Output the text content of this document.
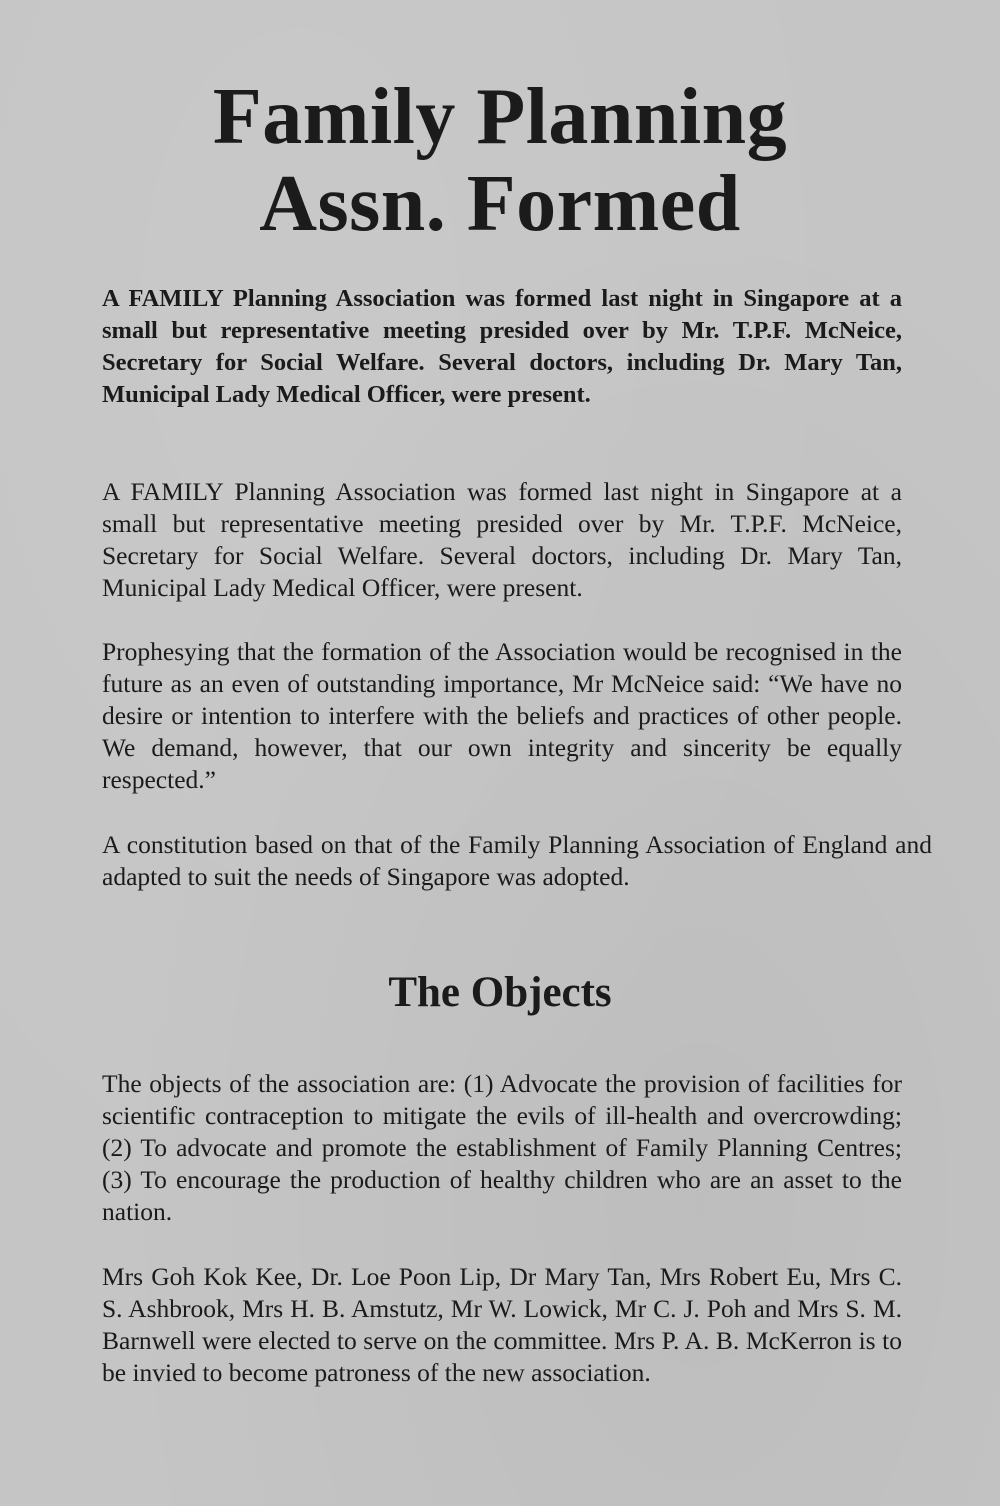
Family Planning
Assn. Formed

A FAMILY Planning Association was formed last night in Singapore at a small but representative meeting presided over by Mr. T.P.F. McNeice, Secretary for Social Welfare. Several doctors, including Dr. Mary Tan, Municipal Lady Medical Officer, were present.

A FAMILY Planning Association was formed last night in Singapore at a small but representative meeting presided over by Mr. T.P.F. McNeice, Secretary for Social Welfare. Several doctors, including Dr. Mary Tan, Municipal Lady Medical Officer, were present.

Prophesying that the formation of the Association would be recognised in the future as an even of outstanding importance, Mr McNeice said: “We have no desire or intention to interfere with the beliefs and practices of other people. We demand, however, that our own integrity and sincerity be equally respected.”

A constitution based on that of the Family Planning Association of England and adapted to suit the needs of Singapore was adopted.

The Objects

The objects of the association are: (1) Advocate the provision of facilities for scientific contraception to mitigate the evils of ill-health and overcrowding; (2) To advocate and promote the establishment of Family Planning Centres; (3) To encourage the production of healthy children who are an asset to the nation.

Mrs Goh Kok Kee, Dr. Loe Poon Lip, Dr Mary Tan, Mrs Robert Eu, Mrs C. S. Ashbrook, Mrs H. B. Amstutz, Mr W. Lowick, Mr C. J. Poh and Mrs S. M. Barnwell were elected to serve on the committee. Mrs P. A. B. McKerron is to be invied to become patroness of the new association.
